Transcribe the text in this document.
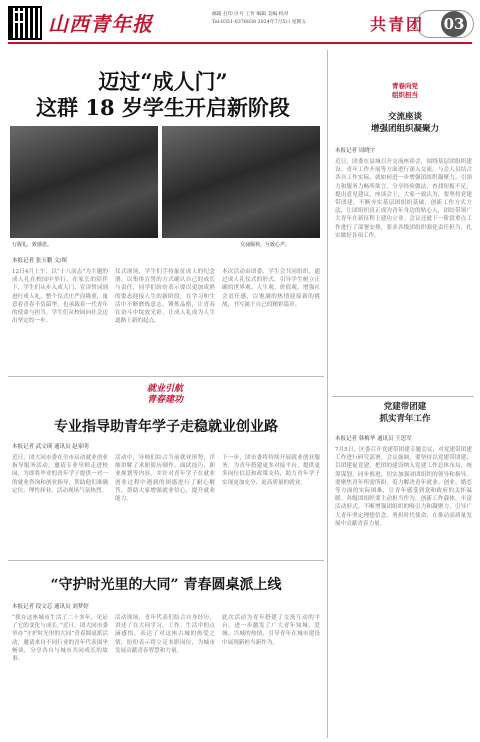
山西青年报	邮箱 打印 区号 工作 编辑 美编 校对
Tel:0351-0378838 2024年7月5日 星期五	共青团 03
迈过“成人门”
这群 18 岁学生开启新阶段
行握礼，致感恩。	交诵佩袂，互致心声。
本报记者 张玉鹏 文/图
12日4月上午，以“十八而志”为主题的成人礼在校园中举行，在家长的陪伴下，学生们从步入成人门、宣读誓词到进行成人礼，整个仪式庄严而隆重，寓意着青春不负韶华，也承载着一代青年的使命与担当。学生们从校园向社会迈出坚定的一步。
仪式现场，学生们手持象征成人的纪念册，以集体宣誓的方式确认自己的成长与责任，同学们纷纷表示要以更加成熟的姿态迎接人生的新阶段，在学习和生活中不断磨炼意志、锤炼品格，让青春在奋斗中绽放光彩，让成人礼成为人生道路上新的起点。
本次活动由团委、学生会共同组织，通过成人礼仪式的形式，引导学生树立正确的世界观、人生观、价值观，增强社会责任感，以饱满的热情迎接新的挑战，书写属于自己的精彩篇章。
青春向党
组织担当
交流座谈
增强团组织凝聚力
本报记者 周晓宇
近日，团委在县城召开交流座谈会，围绕基层团组织建设、青年工作开展等方面进行深入交流。与会人员结合各自工作实际，就如何进一步增强团组织凝聚力、引领力和服务力畅所欲言，分享经验做法，查找短板不足，提出意见建议。座谈会上，大家一致认为，要坚持党建带团建，不断夯实基层团组织基础，创新工作方式方法，让团组织真正成为青年身边的贴心人，团结带领广大青年在新征程上建功立业。会议还就下一阶段重点工作进行了部署安排，要求各级团组织强化责任担当，扎实做好各项工作。
党建带团建
抓实青年工作
本报记者 韩梅华 通讯员 王思军
7月5日，区委召开党建带团建专题会议，对党建带团建工作进行研究部署。会议强调，要坚持以党建带团建、以团建促党建，把团的建设纳入党建工作总体布局，统筹谋划、同步推进，切实加强对团组织的领导和指导。要聚焦青年所需所盼，着力解决青年就业、创业、婚恋等方面的实际困难，让青年感受到党和政府的关怀温暖。各级团组织要主动担当作为，创新工作载体，丰富活动形式，不断增强团组织的吸引力和凝聚力，引导广大青年坚定理想信念，勇担时代使命，在推动高质量发展中贡献青春力量。
就业引航
青春建功
专业指导助青年学子走稳就业创业路
本报记者 武文瑛 通讯员 赵家明
近日，团大同市委在全市启动就业创业指导服务活动，邀请专业导师走进校园，为即将毕业的青年学子提供一对一的就业咨询和创业指导，帮助他们准确定位、理性择业。活动现场气氛热烈。
活动中，导师们结合当前就业形势，详细讲解了求职简历制作、面试技巧、职业规划等内容，并针对青年学子在就业创业过程中遇到的困惑进行了耐心解答，帮助大家增强就业信心，提升就业能力。
下一步，团市委将持续开展就业创业服务，为青年搭建更多对接平台，提供更多岗位信息和政策支持，助力青年学子实现更加充分、更高质量的就业。
“守护时光里的大同” 青春圆桌派上线
本报记者 段文芯 通讯员 刘梦婷
“我在这座城市生活了二十多年，见证了它的变化与成长。”近日，团大同市委举办“守护时光里的大同”青春圆桌派活动，邀请来自不同行业的青年代表围坐畅谈，分享各自与城市共同成长的故事。
活动现场，青年代表们结合自身经历，讲述了在大同学习、工作、生活中的点滴感悟，表达了对这座古城的热爱之情，纷纷表示将立足本职岗位，为城市发展贡献青春智慧和力量。
此次活动为青年搭建了交流互动的平台，进一步激发了广大青年知城、爱城、兴城的热情，引导青年在城市建设中展现新担当新作为。
